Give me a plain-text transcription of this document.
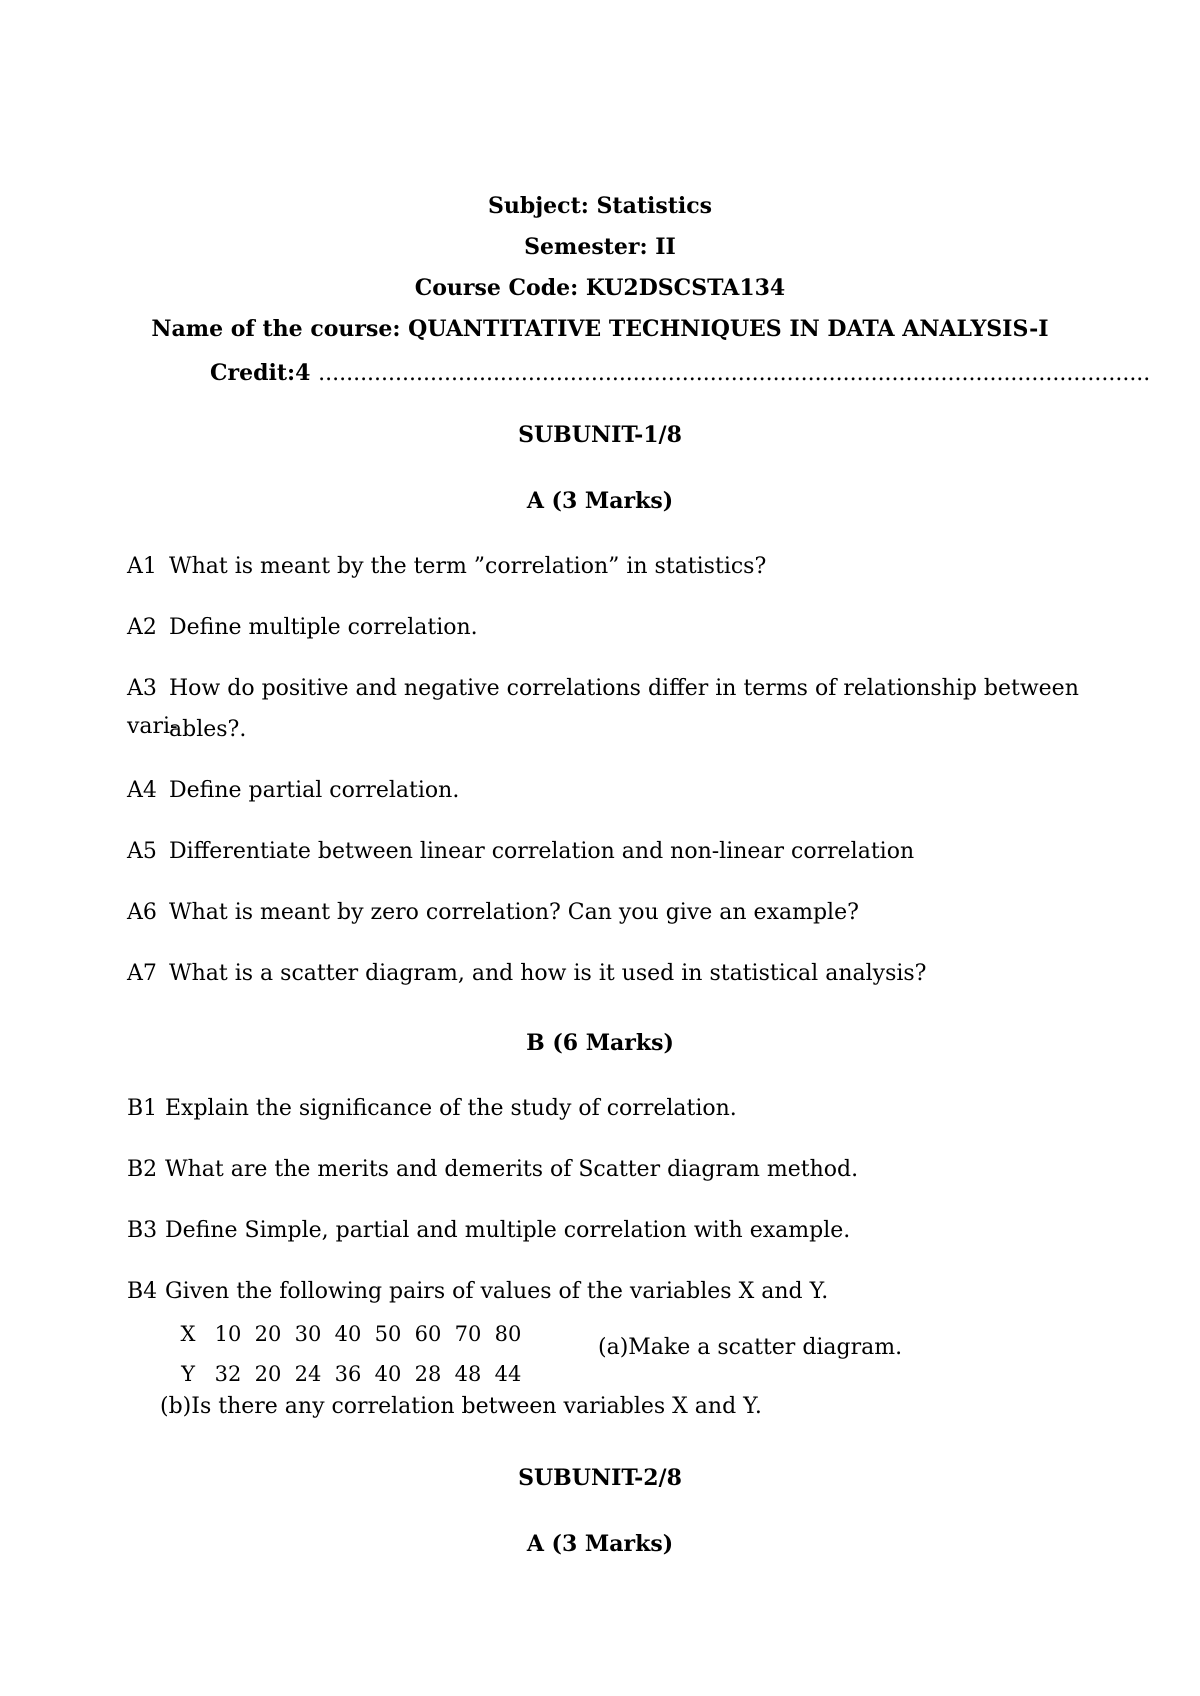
Subject: Statistics
Semester: II
Course Code: KU2DSCSTA134
Name of the course: QUANTITATIVE TECHNIQUES IN DATA ANALYSIS-I
Credit:4 .......................................................................................................................
SUBUNIT-1/8
A (3 Marks)
A1 What is meant by the term ”correlation” in statistics?
A2 Define multiple correlation.
A3 How do positive and negative correlations differ in terms of relationship between vari-
ables?.
A4 Define partial correlation.
A5 Differentiate between linear correlation and non-linear correlation
A6 What is meant by zero correlation? Can you give an example?
A7 What is a scatter diagram, and how is it used in statistical analysis?
B (6 Marks)
B1 Explain the significance of the study of correlation.
B2 What are the merits and demerits of Scatter diagram method.
B3 Define Simple, partial and multiple correlation with example.
B4 Given the following pairs of values of the variables X and Y.
X	10	20	30	40	50	60	70	80
Y	32	20	24	36	40	28	48	44
(a)Make a scatter diagram.
(b)Is there any correlation between variables X and Y.
SUBUNIT-2/8
A (3 Marks)
